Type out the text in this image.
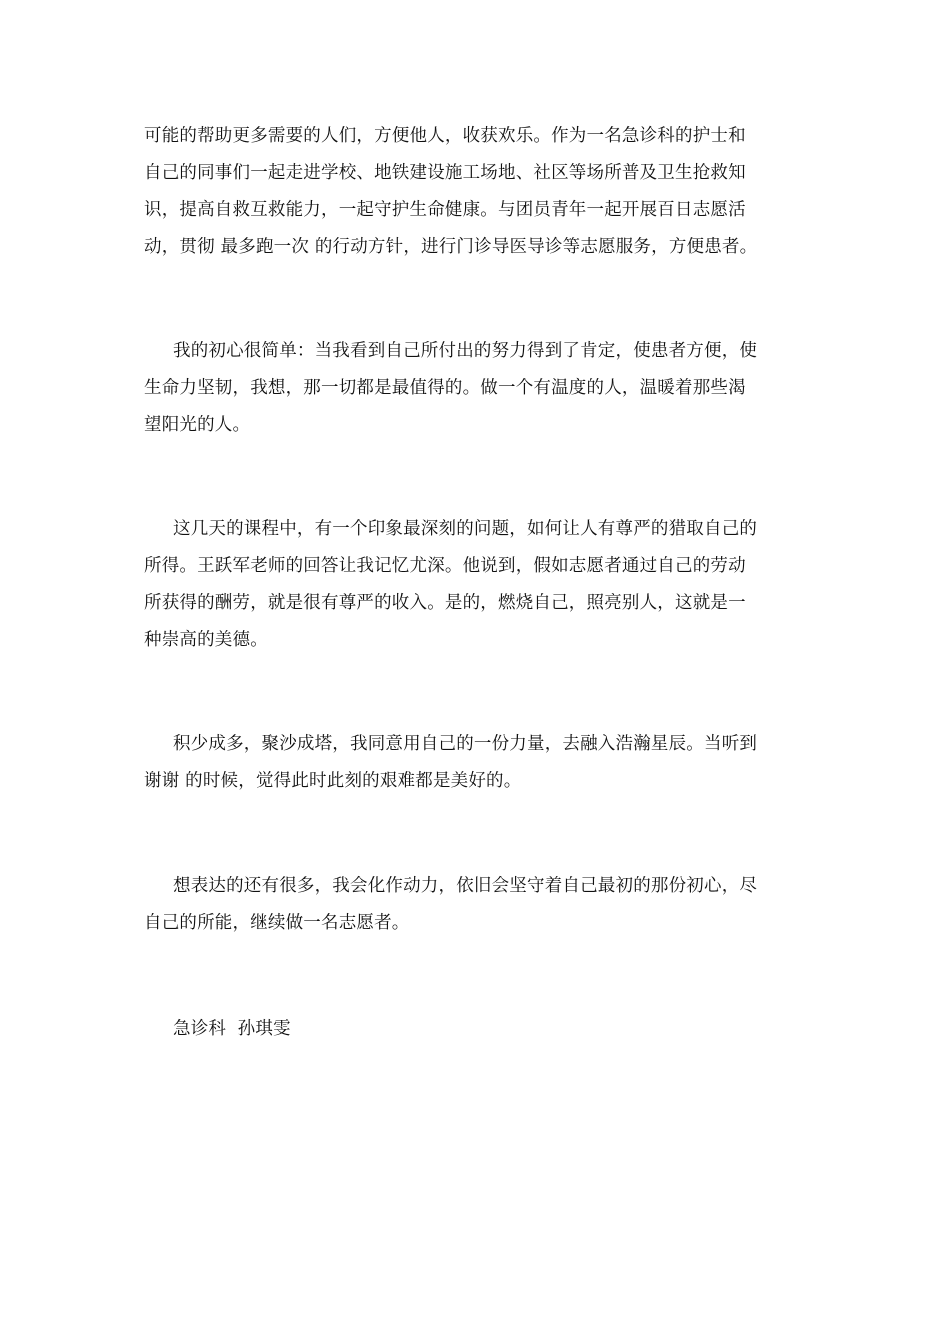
可能的帮助更多需要的人们，方便他人，收获欢乐。作为一名急诊科的护士和
自己的同事们一起走进学校、地铁建设施工场地、社区等场所普及卫生抢救知
识，提高自救互救能力，一起守护生命健康。与团员青年一起开展百日志愿活
动，贯彻 最多跑一次 的行动方针，进行门诊导医导诊等志愿服务，方便患者。
我的初心很简单：当我看到自己所付出的努力得到了肯定，使患者方便，使
生命力坚韧，我想，那一切都是最值得的。做一个有温度的人，温暖着那些渴
望阳光的人。
这几天的课程中，有一个印象最深刻的问题，如何让人有尊严的猎取自己的
所得。王跃军老师的回答让我记忆尤深。他说到，假如志愿者通过自己的劳动
所获得的酬劳，就是很有尊严的收入。是的，燃烧自己，照亮别人，这就是一
种崇高的美德。
积少成多，聚沙成塔，我同意用自己的一份力量，去融入浩瀚星辰。当听到
谢谢 的时候，觉得此时此刻的艰难都是美好的。
想表达的还有很多，我会化作动力，依旧会坚守着自己最初的那份初心，尽
自己的所能，继续做一名志愿者。
急诊科  孙琪雯
